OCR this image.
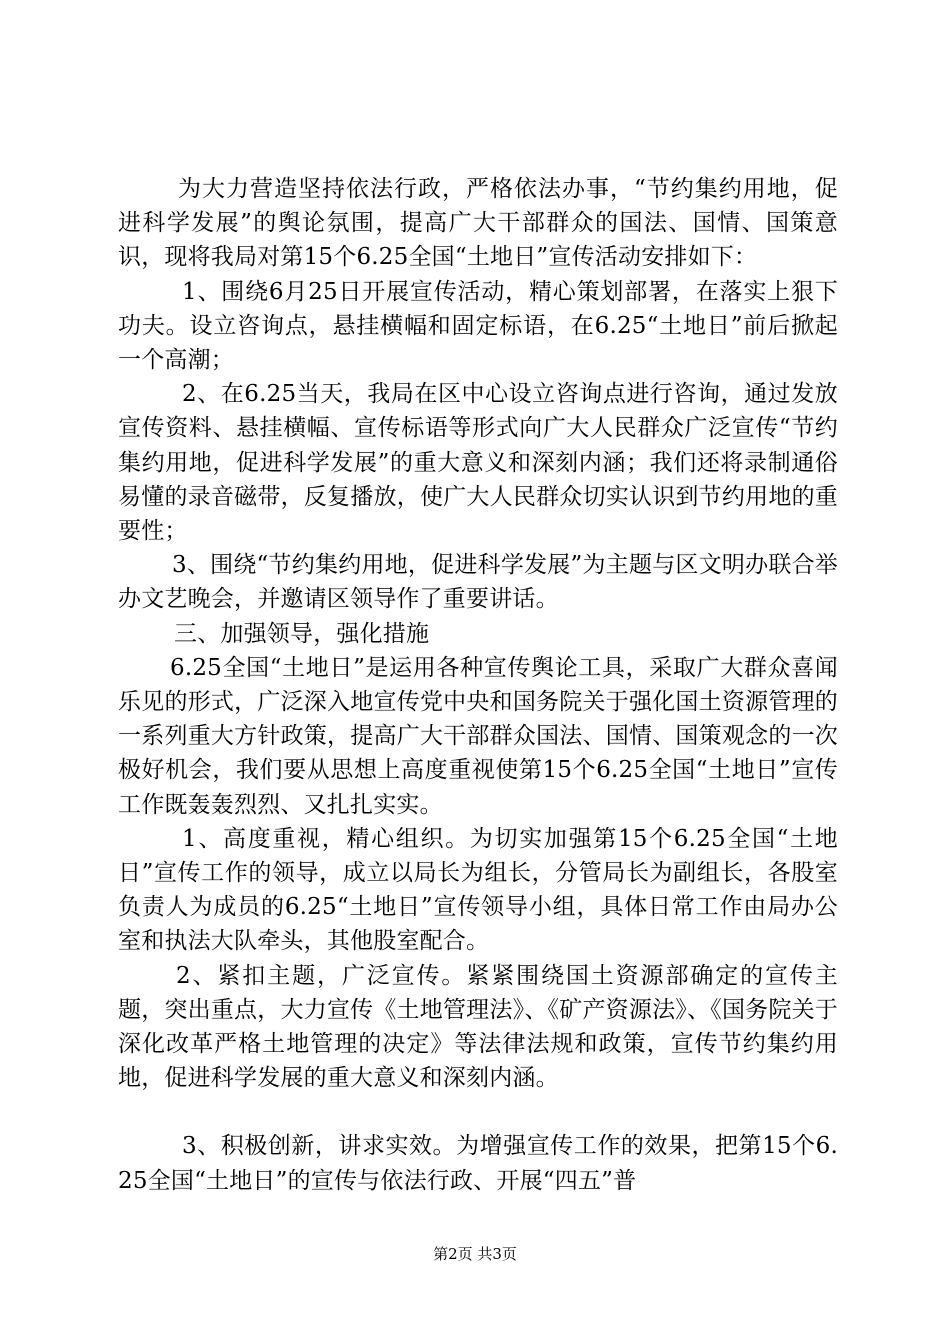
为大力营造坚持依法行政，严格依法办事，“节约集约用地，促进科学发展”的舆论氛围，提高广大干部群众的国法、国情、国策意识，现将我局对第15个6.25全国“土地日”宣传活动安排如下：

1、围绕6月25日开展宣传活动，精心策划部署，在落实上狠下功夫。设立咨询点，悬挂横幅和固定标语，在6.25“土地日”前后掀起一个高潮；

2、在6.25当天，我局在区中心设立咨询点进行咨询，通过发放宣传资料、悬挂横幅、宣传标语等形式向广大人民群众广泛宣传“节约集约用地，促进科学发展”的重大意义和深刻内涵；我们还将录制通俗易懂的录音磁带，反复播放，使广大人民群众切实认识到节约用地的重要性；

3、围绕“节约集约用地，促进科学发展”为主题与区文明办联合举办文艺晚会，并邀请区领导作了重要讲话。

三、加强领导，强化措施

6.25全国“土地日”是运用各种宣传舆论工具，采取广大群众喜闻乐见的形式，广泛深入地宣传党中央和国务院关于强化国土资源管理的一系列重大方针政策，提高广大干部群众国法、国情、国策观念的一次极好机会，我们要从思想上高度重视使第15个6.25全国“土地日”宣传工作既轰轰烈烈、又扎扎实实。

1、高度重视，精心组织。为切实加强第15个6.25全国“土地日”宣传工作的领导，成立以局长为组长，分管局长为副组长，各股室负责人为成员的6.25“土地日”宣传领导小组，具体日常工作由局办公室和执法大队牵头，其他股室配合。

2、紧扣主题，广泛宣传。紧紧围绕国土资源部确定的宣传主题，突出重点，大力宣传《土地管理法》、《矿产资源法》、《国务院关于深化改革严格土地管理的决定》等法律法规和政策，宣传节约集约用地，促进科学发展的重大意义和深刻内涵。

3、积极创新，讲求实效。为增强宣传工作的效果，把第15个6.25全国“土地日”的宣传与依法行政、开展“四五”普

第2页 共3页
